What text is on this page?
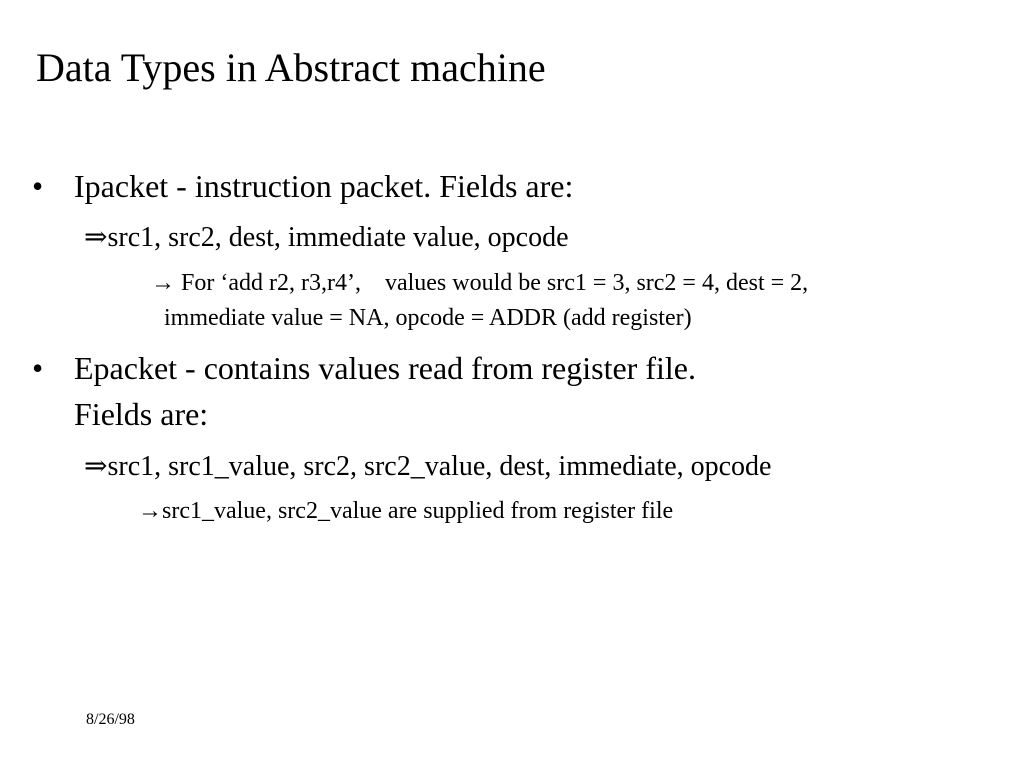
Data Types in Abstract machine
• Ipacket - instruction packet. Fields are:
⇒src1, src2, dest, immediate value, opcode
→ For ‘add r2, r3,r4’,    values would be src1 = 3, src2 = 4, dest = 2,
immediate value = NA, opcode = ADDR (add register)
• Epacket - contains values read from register file.
Fields are:
⇒src1, src1_value, src2, src2_value, dest, immediate, opcode
→src1_value, src2_value are supplied from register file
8/26/98
